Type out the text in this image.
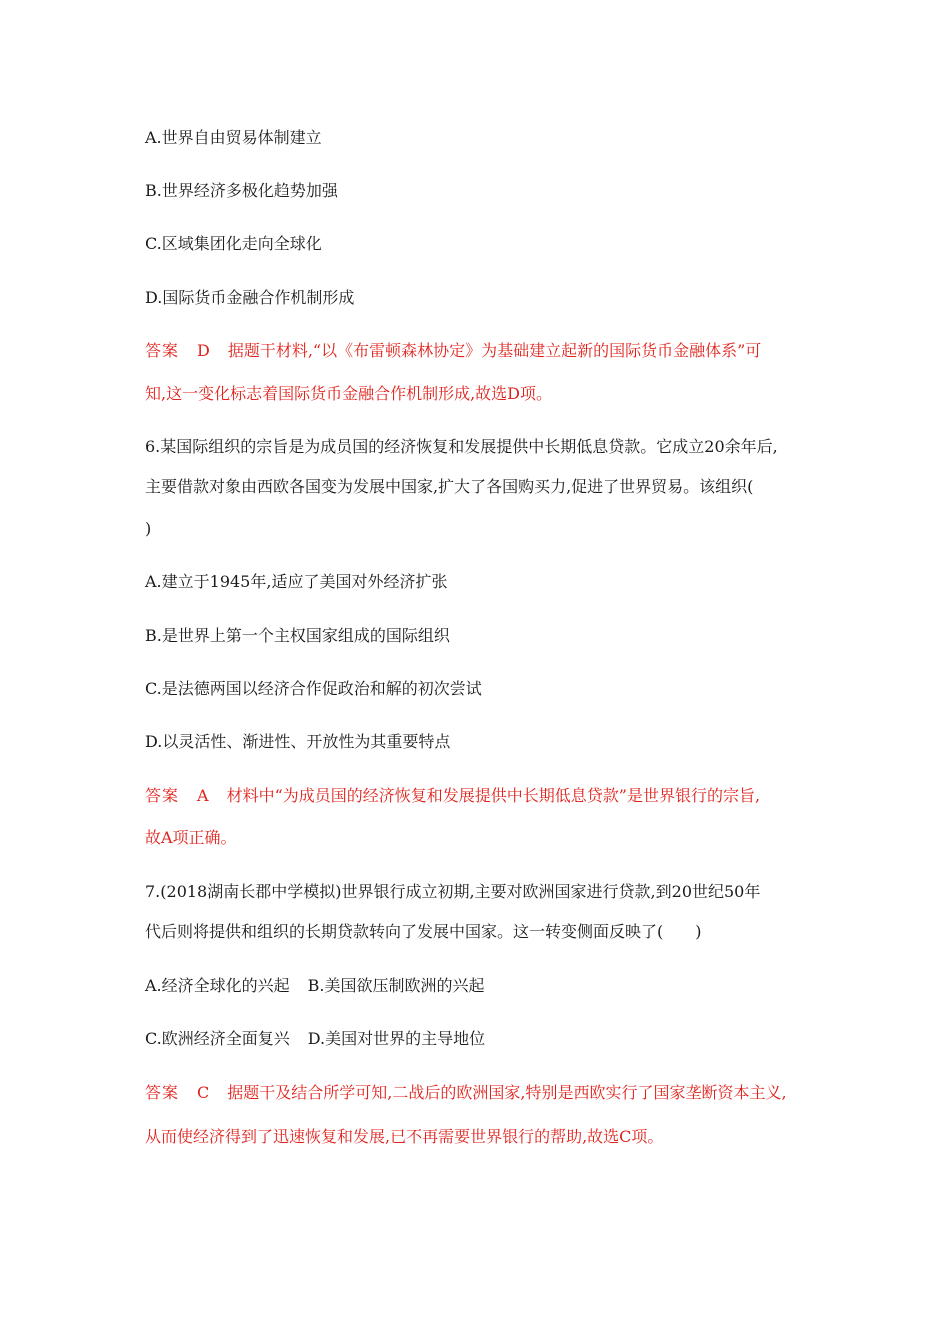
A.世界自由贸易体制建立
B.世界经济多极化趋势加强
C.区域集团化走向全球化
D.国际货币金融合作机制形成
答案 D 据题干材料,“以《布雷顿森林协定》为基础建立起新的国际货币金融体系”可
知,这一变化标志着国际货币金融合作机制形成,故选D项。
6.某国际组织的宗旨是为成员国的经济恢复和发展提供中长期低息贷款。它成立20余年后,
主要借款对象由西欧各国变为发展中国家,扩大了各国购买力,促进了世界贸易。该组织(
)
A.建立于1945年,适应了美国对外经济扩张
B.是世界上第一个主权国家组成的国际组织
C.是法德两国以经济合作促政治和解的初次尝试
D.以灵活性、渐进性、开放性为其重要特点
答案 A 材料中“为成员国的经济恢复和发展提供中长期低息贷款”是世界银行的宗旨,
故A项正确。
7.(2018湖南长郡中学模拟)世界银行成立初期,主要对欧洲国家进行贷款,到20世纪50年
代后则将提供和组织的长期贷款转向了发展中国家。这一转变侧面反映了(　　)
A.经济全球化的兴起 B.美国欲压制欧洲的兴起
C.欧洲经济全面复兴 D.美国对世界的主导地位
答案 C 据题干及结合所学可知,二战后的欧洲国家,特别是西欧实行了国家垄断资本主义,
从而使经济得到了迅速恢复和发展,已不再需要世界银行的帮助,故选C项。
